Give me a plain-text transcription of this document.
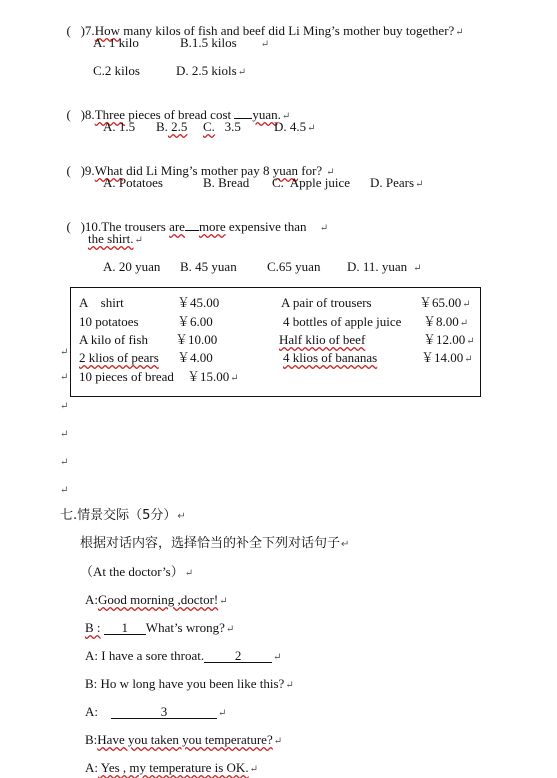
( )7.How many kilos of fish and beef did Li Ming’s mother buy together?↵

A. 1 kilo	B.1.5 kilos ↵
C.2 kilos	D. 2.5 kiols↵

( )8.Three pieces of bread cost yuan.↵

A. 1.5 B. 2.5 C.   3.5	D. 4.5↵

( )9.What did Li Ming’s mother pay 8 yuan for? ↵

A. Potatoes	B. Bread C.  Apple juice D. Pears↵

( )10.The trousers are more expensive than ↵

the shirt.↵
A. 20 yuan B. 45 yuan C.65 yuan D. 11. yuan ↵
A    shirt	￥45.00	A pair of trousers	￥65.00↵
10 potatoes	￥6.00	4 bottles of apple juice ￥8.00↵
A kilo of fish ￥10.00	Half klio of beef	￥12.00↵
2 klios of pears ￥4.00	4 klios of bananas	￥14.00↵
10 pieces of bread ￥15.00↵
↵
↵
↵
↵
↵
↵
七.情景交际（5分）↵
根据对话内容，选择恰当的补全下列对话句子↵
（At the doctor’s）↵
A:Good morning ,doctor!↵
B : 1 What’s wrong?↵
A: I have a sore throat. 2	↵
B: Ho w long have you been like this?↵
A:	3	↵
B:Have you taken you temperature?↵
A: Yes , my temperature is OK.↵
